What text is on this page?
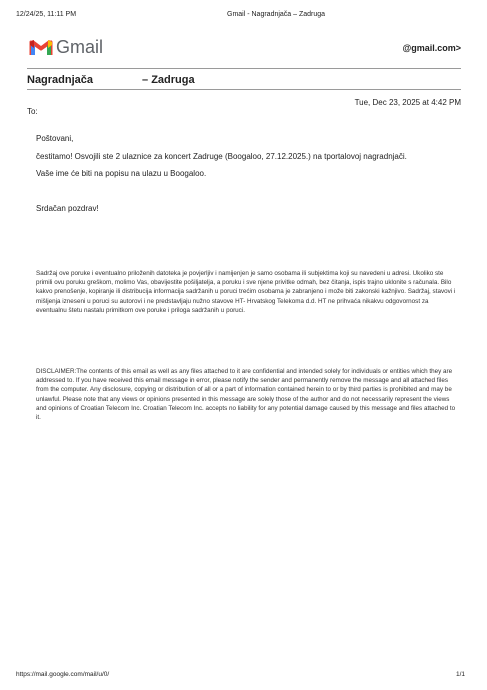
12/24/25, 11:11 PM	Gmail - Nagradnjača – Zadruga
Gmail	@gmail.com>
Nagradnjača	– Zadruga
Tue, Dec 23, 2025 at 4:42 PM
To:
Poštovani,
čestitamo! Osvojili ste 2 ulaznice za koncert Zadruge (Boogaloo, 27.12.2025.) na tportalovoj nagradnjači.
Vaše ime će biti na popisu na ulazu u Boogaloo.
Srdačan pozdrav!
Sadržaj ove poruke i eventualno priloženih datoteka je povjerljiv i namijenjen je samo osobama ili subjektima koji su navedeni u adresi. Ukoliko ste primili ovu poruku greškom, molimo Vas, obavijestite pošiljatelja, a poruku i sve njene privitke odmah, bez čitanja, ispis trajno uklonite s računala. Bilo kakvo prenošenje, kopiranje ili distribucija informacija sadržanih u poruci trećim osobama je zabranjeno i može biti zakonski kažnjivo. Sadržaj, stavovi i mišljenja izneseni u poruci su autorovi i ne predstavljaju nužno stavove HT- Hrvatskog Telekoma d.d. HT ne prihvaća nikakvu odgovornost za eventualnu štetu nastalu primitkom ove poruke i priloga sadržanih u poruci.
DISCLAIMER:The contents of this email as well as any files attached to it are confidential and intended solely for individuals or entities which they are addressed to. If you have received this email message in error, please notify the sender and permanently remove the message and all attached files from the computer. Any disclosure, copying or distribution of all or a part of information contained herein to or by third parties is prohibited and may be unlawful. Please note that any views or opinions presented in this message are solely those of the author and do not necessarily represent the views and opinions of Croatian Telecom Inc. Croatian Telecom Inc. accepts no liability for any potential damage caused by this message and files attached to it.
https://mail.google.com/mail/u/0/	1/1
